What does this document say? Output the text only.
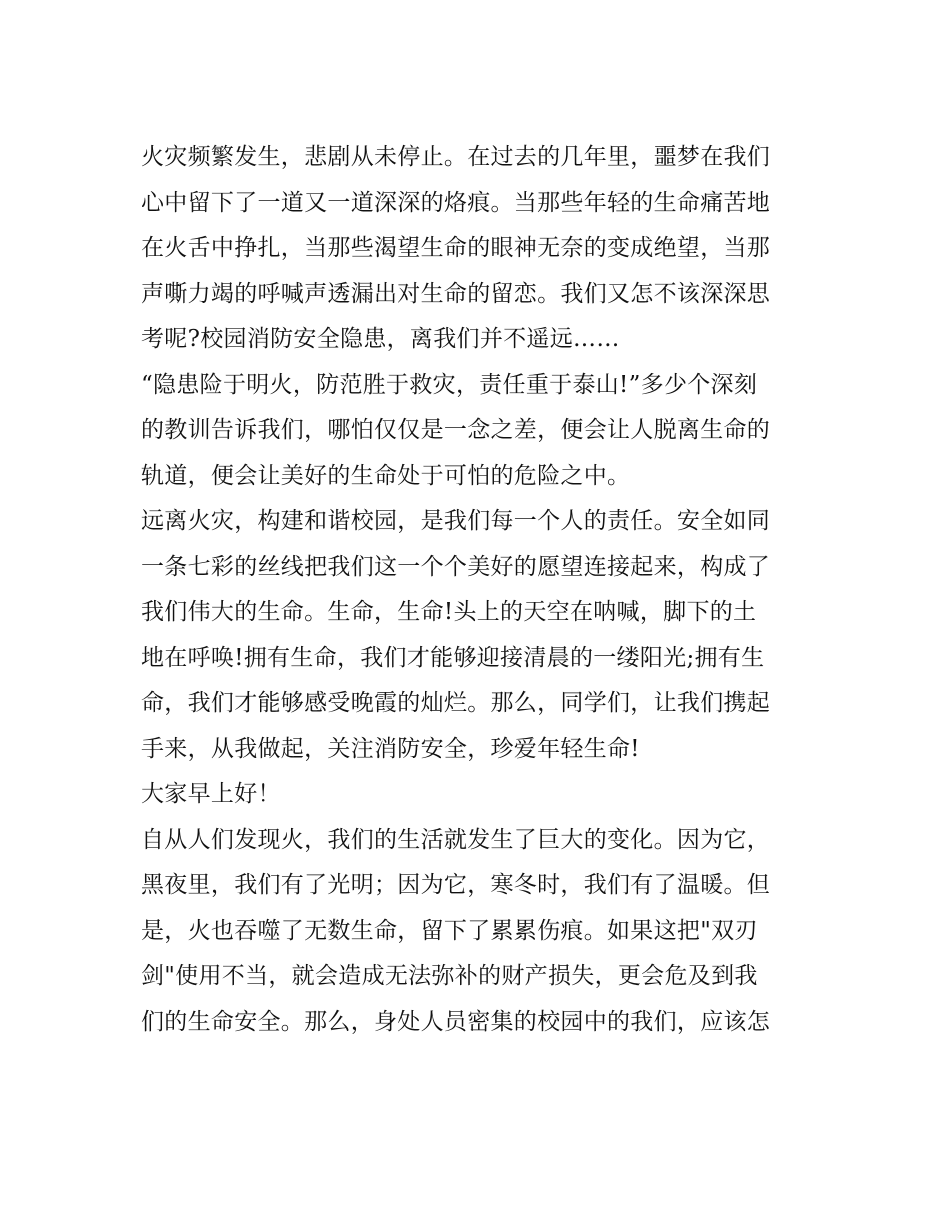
火灾频繁发生，悲剧从未停止。在过去的几年里，噩梦在我们
心中留下了一道又一道深深的烙痕。当那些年轻的生命痛苦地
在火舌中挣扎，当那些渴望生命的眼神无奈的变成绝望，当那
声嘶力竭的呼喊声透漏出对生命的留恋。我们又怎不该深深思
考呢?校园消防安全隐患，离我们并不遥远……
“隐患险于明火，防范胜于救灾，责任重于泰山!”多少个深刻
的教训告诉我们，哪怕仅仅是一念之差，便会让人脱离生命的
轨道，便会让美好的生命处于可怕的危险之中。
远离火灾，构建和谐校园，是我们每一个人的责任。安全如同
一条七彩的丝线把我们这一个个美好的愿望连接起来，构成了
我们伟大的生命。生命，生命!头上的天空在呐喊，脚下的土
地在呼唤!拥有生命，我们才能够迎接清晨的一缕阳光;拥有生
命，我们才能够感受晚霞的灿烂。那么，同学们，让我们携起
手来，从我做起，关注消防安全，珍爱年轻生命!
大家早上好！
自从人们发现火，我们的生活就发生了巨大的变化。因为它，
黑夜里，我们有了光明；因为它，寒冬时，我们有了温暖。但
是，火也吞噬了无数生命，留下了累累伤痕。如果这把"双刃
剑"使用不当，就会造成无法弥补的财产损失，更会危及到我
们的生命安全。那么，身处人员密集的校园中的我们，应该怎
